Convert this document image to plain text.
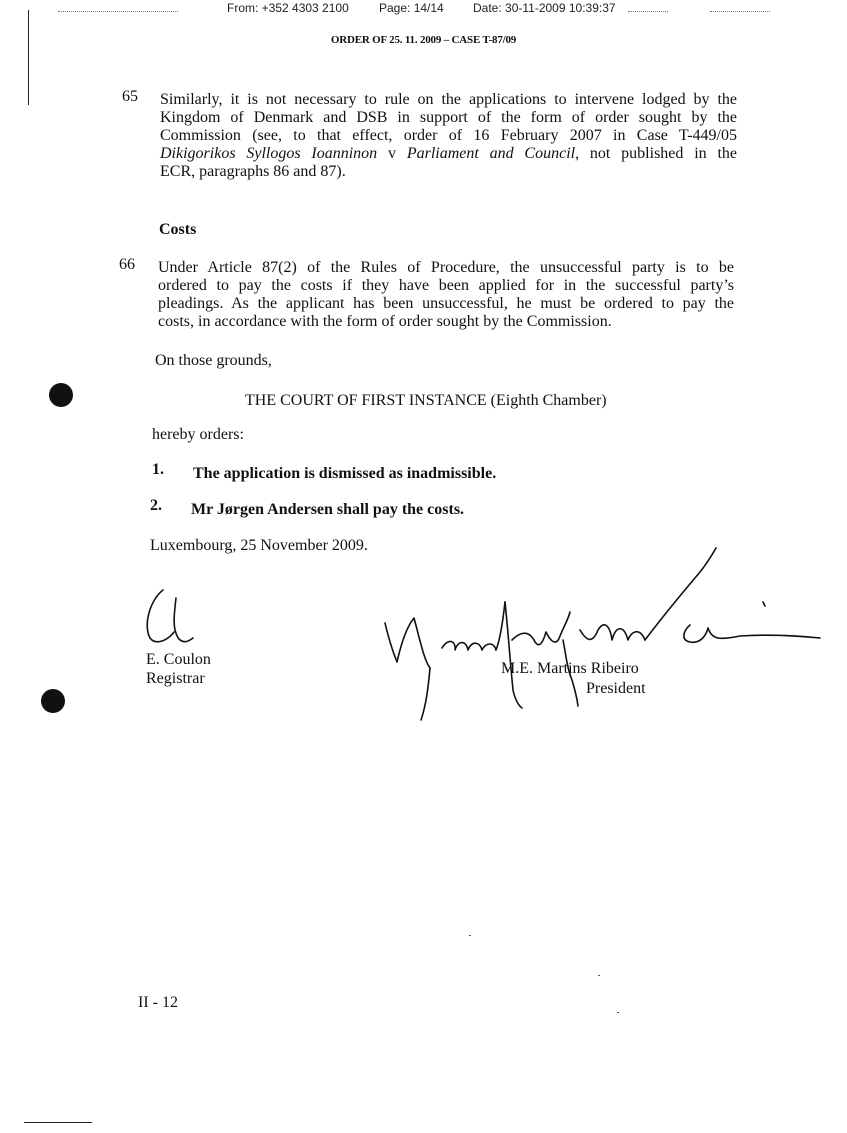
From: +352 4303 2100	Page: 14/14 Date: 30-11-2009 10:39:37
ORDER OF 25. 11. 2009 – CASE T-87/09
65 Similarly, it is not necessary to rule on the applications to intervene lodged by the
Kingdom of Denmark and DSB in support of the form of order sought by the
Commission (see, to that effect, order of 16 February 2007 in Case T-449/05
Dikigorikos Syllogos Ioanninon v Parliament and Council, not published in the
ECR, paragraphs 86 and 87).
Costs
66 Under Article 87(2) of the Rules of Procedure, the unsuccessful party is to be
ordered to pay the costs if they have been applied for in the successful party’s
pleadings. As the applicant has been unsuccessful, he must be ordered to pay the
costs, in accordance with the form of order sought by the Commission.
On those grounds,
THE COURT OF FIRST INSTANCE (Eighth Chamber)
hereby orders:
1. The application is dismissed as inadmissible.
2. Mr Jørgen Andersen shall pay the costs.
Luxembourg, 25 November 2009.
E. Coulon
Registrar
M.E. Martins Ribeiro
President
II - 12
